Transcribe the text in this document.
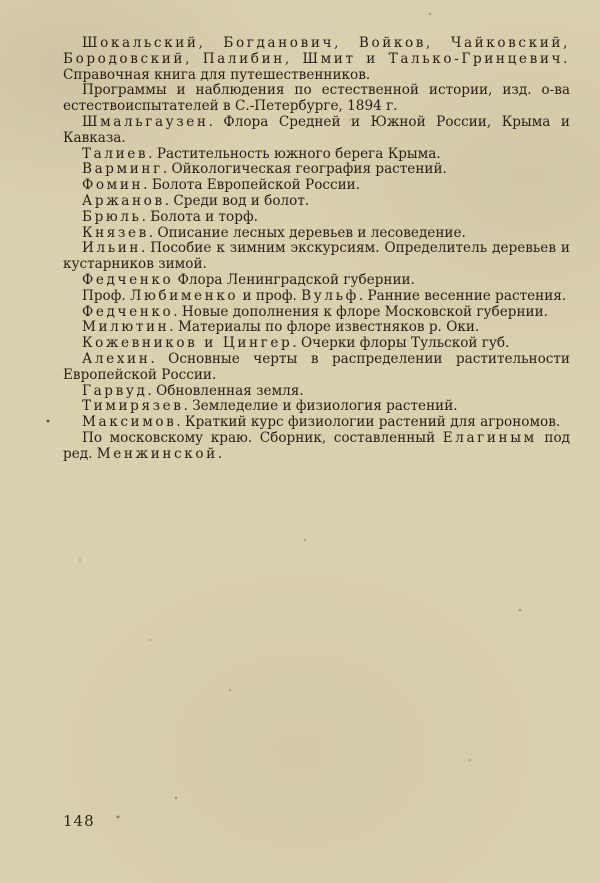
Шокальский, Богданович, Войков, Чайковский, Бородовский, Палибин, Шмит и Талько-Гринцевич. Справочная книга для путешественников.

Программы и наблюдения по естественной истории, изд. о-ва естествоиспытателей в С.-Петербурге, 1894 г.

Шмальгаузен. Флора Средней и Южной России, Крыма и Кавказа.

Талиев. Растительность южного берега Крыма.

Варминг. Ойкологическая география растений.

Фомин. Болота Европейской России.

Аржанов. Среди вод и болот.

Брюль. Болота и торф.

Князев. Описание лесных деревьев и лесоведение.

Ильин. Пособие к зимним экскурсиям. Определитель деревьев и кустарников зимой.

Федченко Флора Ленинградской губернии.

Проф. Любименко и проф. Вульф. Ранние весенние растения.

Федченко. Новые дополнения к флоре Московской губернии.

Милютин. Материалы по флоре известняков р. Оки.

Кожевников и Цингер. Очерки флоры Тульской губ.

Алехин. Основные черты в распределении растительности Европейской России.

Гарвуд. Обновленная земля.

Тимирязев. Земледелие и физиология растений.

Максимов. Краткий курс физиологии растений для агрономов.

По московскому краю. Сборник, составленный Елагиным под ред. Менжинской.

148
